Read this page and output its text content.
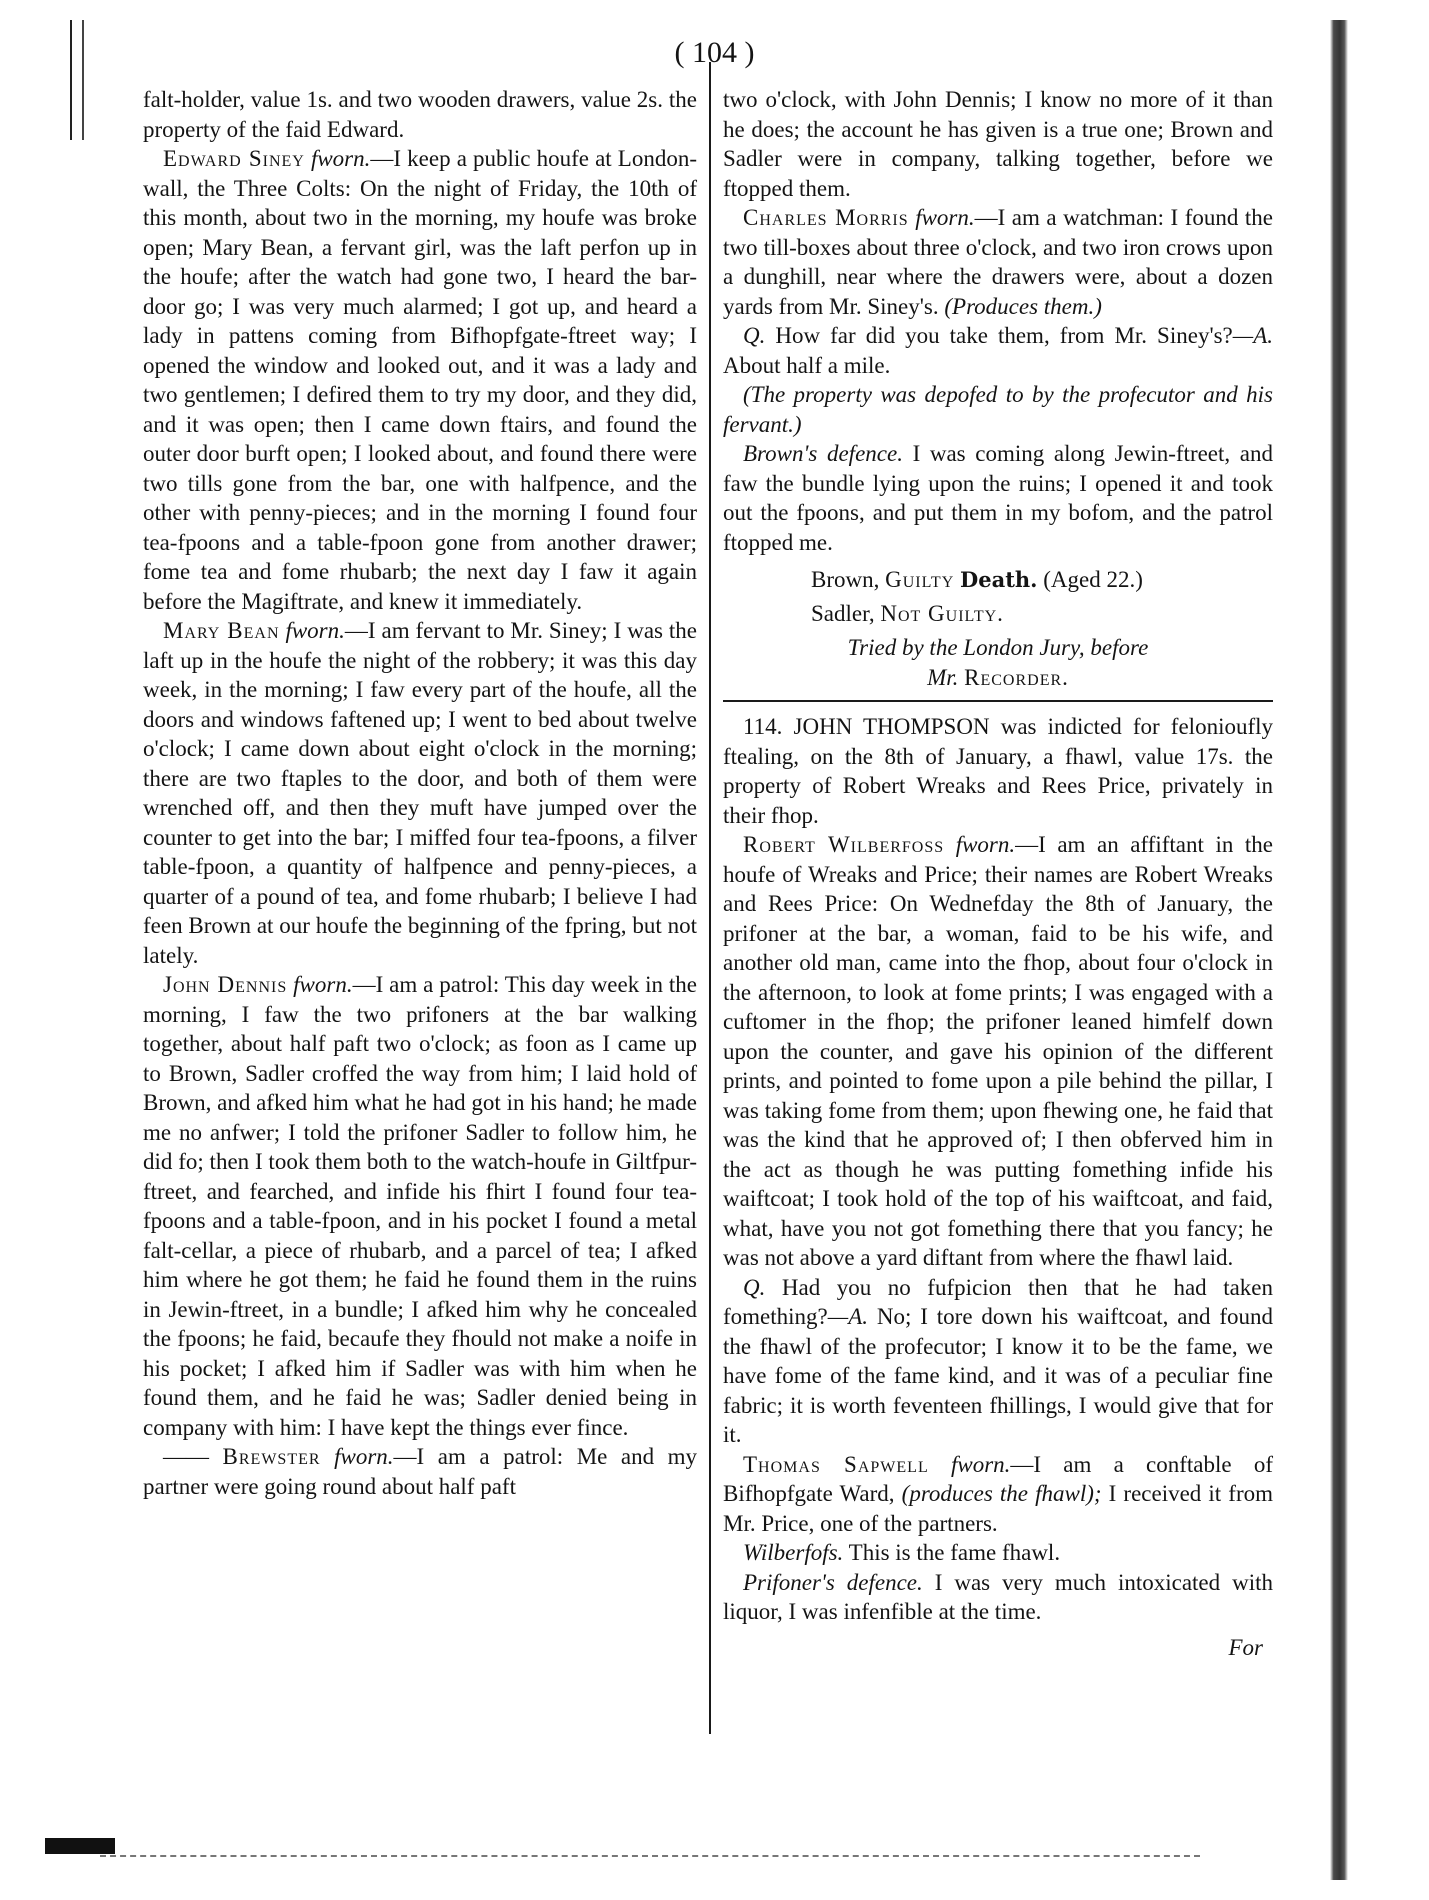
( 104 )

falt-holder, value 1s. and two wooden drawers, value 2s. the property of the faid Edward.

Edward Siney fworn.—I keep a public houfe at London-wall, the Three Colts: On the night of Friday, the 10th of this month, about two in the morning, my houfe was broke open; Mary Bean, a fervant girl, was the laft perfon up in the houfe; after the watch had gone two, I heard the bar-door go; I was very much alarmed; I got up, and heard a lady in pattens coming from Bifhopfgate-ftreet way; I opened the window and looked out, and it was a lady and two gentlemen; I defired them to try my door, and they did, and it was open; then I came down ftairs, and found the outer door burft open; I looked about, and found there were two tills gone from the bar, one with halfpence, and the other with penny-pieces; and in the morning I found four tea-fpoons and a table-fpoon gone from another drawer; fome tea and fome rhubarb; the next day I faw it again before the Magiftrate, and knew it immediately.

Mary Bean fworn.—I am fervant to Mr. Siney; I was the laft up in the houfe the night of the robbery; it was this day week, in the morning; I faw every part of the houfe, all the doors and windows faftened up; I went to bed about twelve o'clock; I came down about eight o'clock in the morning; there are two ftaples to the door, and both of them were wrenched off, and then they muft have jumped over the counter to get into the bar; I miffed four tea-fpoons, a filver table-fpoon, a quantity of halfpence and penny-pieces, a quarter of a pound of tea, and fome rhubarb; I believe I had feen Brown at our houfe the beginning of the fpring, but not lately.

John Dennis fworn.—I am a patrol: This day week in the morning, I faw the two prifoners at the bar walking together, about half paft two o'clock; as foon as I came up to Brown, Sadler croffed the way from him; I laid hold of Brown, and afked him what he had got in his hand; he made me no anfwer; I told the prifoner Sadler to follow him, he did fo; then I took them both to the watch-houfe in Giltfpur-ftreet, and fearched, and infide his fhirt I found four tea-fpoons and a table-fpoon, and in his pocket I found a metal falt-cellar, a piece of rhubarb, and a parcel of tea; I afked him where he got them; he faid he found them in the ruins in Jewin-ftreet, in a bundle; I afked him why he concealed the fpoons; he faid, becaufe they fhould not make a noife in his pocket; I afked him if Sadler was with him when he found them, and he faid he was; Sadler denied being in company with him: I have kept the things ever fince.

—— Brewster fworn.—I am a patrol: Me and my partner were going round about half paft

two o'clock, with John Dennis; I know no more of it than he does; the account he has given is a true one; Brown and Sadler were in company, talking together, before we ftopped them.

Charles Morris fworn.—I am a watchman: I found the two till-boxes about three o'clock, and two iron crows upon a dunghill, near where the drawers were, about a dozen yards from Mr. Siney's. (Produces them.)

Q. How far did you take them, from Mr. Siney's?—A. About half a mile.

(The property was depofed to by the profecutor and his fervant.)

Brown's defence. I was coming along Jewin-ftreet, and faw the bundle lying upon the ruins; I opened it and took out the fpoons, and put them in my bofom, and the patrol ftopped me.

Brown, Guilty Death. (Aged 22.)
Sadler, Not Guilty.
Tried by the London Jury, before
Mr. Recorder.

114. JOHN THOMPSON was indicted for felonioufly ftealing, on the 8th of January, a fhawl, value 17s. the property of Robert Wreaks and Rees Price, privately in their fhop.

Robert Wilberfoss fworn.—I am an affiftant in the houfe of Wreaks and Price; their names are Robert Wreaks and Rees Price: On Wednefday the 8th of January, the prifoner at the bar, a woman, faid to be his wife, and another old man, came into the fhop, about four o'clock in the afternoon, to look at fome prints; I was engaged with a cuftomer in the fhop; the prifoner leaned himfelf down upon the counter, and gave his opinion of the different prints, and pointed to fome upon a pile behind the pillar, I was taking fome from them; upon fhewing one, he faid that was the kind that he approved of; I then obferved him in the act as though he was putting fomething infide his waiftcoat; I took hold of the top of his waiftcoat, and faid, what, have you not got fomething there that you fancy; he was not above a yard diftant from where the fhawl laid.

Q. Had you no fufpicion then that he had taken fomething?—A. No; I tore down his waiftcoat, and found the fhawl of the profecutor; I know it to be the fame, we have fome of the fame kind, and it was of a peculiar fine fabric; it is worth feventeen fhillings, I would give that for it.

Thomas Sapwell fworn.—I am a conftable of Bifhopfgate Ward, (produces the fhawl); I received it from Mr. Price, one of the partners.

Wilberfofs. This is the fame fhawl.

Prifoner's defence. I was very much intoxicated with liquor, I was infenfible at the time.

For
